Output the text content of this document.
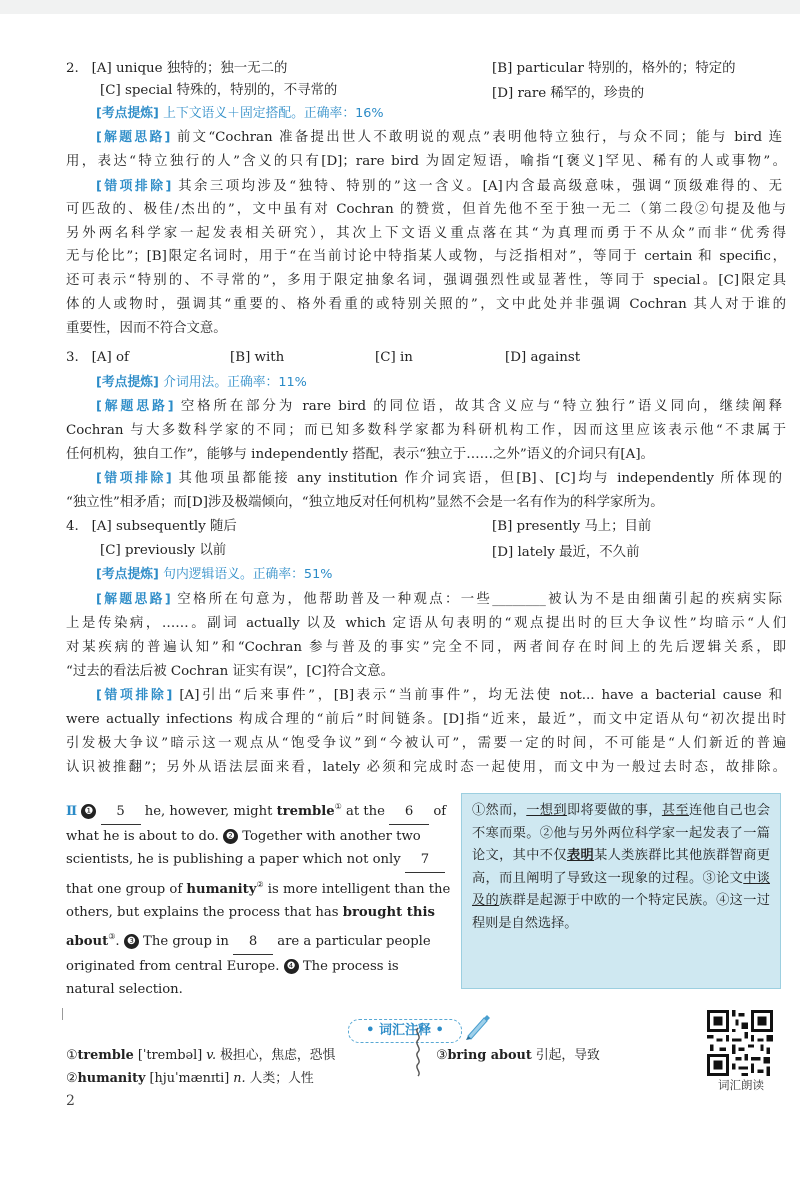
2. [A] unique 独特的；独一无二的	[B] particular 特别的，格外的；特定的
[C] special 特殊的，特别的，不寻常的	[D] rare 稀罕的，珍贵的
[考点提炼] 上下文语义＋固定搭配。正确率：16%
[解题思路] 前文“Cochran 准备提出世人不敢明说的观点”表明他特立独行，与众不同；能与 bird 连
用，表达“特立独行的人”含义的只有[D]；rare bird 为固定短语，喻指“[褒义]罕见、稀有的人或事物”。
[错项排除] 其余三项均涉及“独特、特别的”这一含义。[A]内含最高级意味，强调“顶级难得的、无
可匹敌的、极佳/杰出的”，文中虽有对 Cochran 的赞赏，但首先他不至于独一无二（第二段②句提及他与
另外两名科学家一起发表相关研究），其次上下文语义重点落在其“为真理而勇于不从众”而非“优秀得
无与伦比”；[B]限定名词时，用于“在当前讨论中特指某人或物，与泛指相对”，等同于 certain 和 specific，
还可表示“特别的、不寻常的”，多用于限定抽象名词，强调强烈性或显著性，等同于 special。[C]限定具
体的人或物时，强调其“重要的、格外看重的或特别关照的”，文中此处并非强调 Cochran 其人对于谁的
重要性，因而不符合文意。
3. [A] of	[B] with	[C] in	[D] against
[考点提炼] 介词用法。正确率：11%
[解题思路] 空格所在部分为 rare bird 的同位语，故其含义应与“特立独行”语义同向，继续阐释
Cochran 与大多数科学家的不同；而已知多数科学家都为科研机构工作，因而这里应该表示他“不隶属于
任何机构，独自工作”，能够与 independently 搭配，表示“独立于……之外”语义的介词只有[A]。
[错项排除] 其他项虽都能接 any institution 作介词宾语，但[B]、[C]均与 independently 所体现的
“独立性”相矛盾；而[D]涉及极端倾向，“独立地反对任何机构”显然不会是一名有作为的科学家所为。
4. [A] subsequently 随后	[B] presently 马上；目前
[C] previously 以前	[D] lately 最近，不久前
[考点提炼] 句内逻辑语义。正确率：51%
[解题思路] 空格所在句意为，他帮助普及一种观点：一些________被认为不是由细菌引起的疾病实际
上是传染病，……。副词 actually 以及 which 定语从句表明的“观点提出时的巨大争议性”均暗示“人们
对某疾病的普遍认知”和“Cochran 参与普及的事实”完全不同，两者间存在时间上的先后逻辑关系，即
“过去的看法后被 Cochran 证实有误”，[C]符合文意。
[错项排除] [A]引出“后来事件”，[B]表示“当前事件”，均无法使 not... have a bacterial cause 和
were actually infections 构成合理的“前后”时间链条。[D]指“近来，最近”，而文中定语从句“初次提出时
引发极大争议”暗示这一观点从“饱受争议”到“今被认可”，需要一定的时间，不可能是“人们新近的普遍
认识被推翻”；另外从语法层面来看，lately 必须和完成时态一起使用，而文中为一般过去时态，故排除。
Ⅱ ❶ 5 he, however, might tremble① at the 6 of what he is about to do. ❷ Together with another two scientists, he is publishing a paper which not only 7 that one group of humanity② is more intelligent than the others, but explains the process that has brought this about③. ❸ The group in 8 are a particular people originated from central Europe. ❹ The process is natural selection.
①然而，一想到即将要做的事，甚至连他自己也会不寒而栗。②他与另外两位科学家一起发表了一篇论文，其中不仅表明某人类族群比其他族群智商更高，而且阐明了导致这一现象的过程。③论文中谈及的族群是起源于中欧的一个特定民族。④这一过程则是自然选择。
• 词汇注释 •
①tremble [ˈtrembəl] v. 极担心，焦虑，恐惧
②humanity [hjuˈmænɪti] n. 人类；人性
③bring about 引起，导致
词汇朗读
2
